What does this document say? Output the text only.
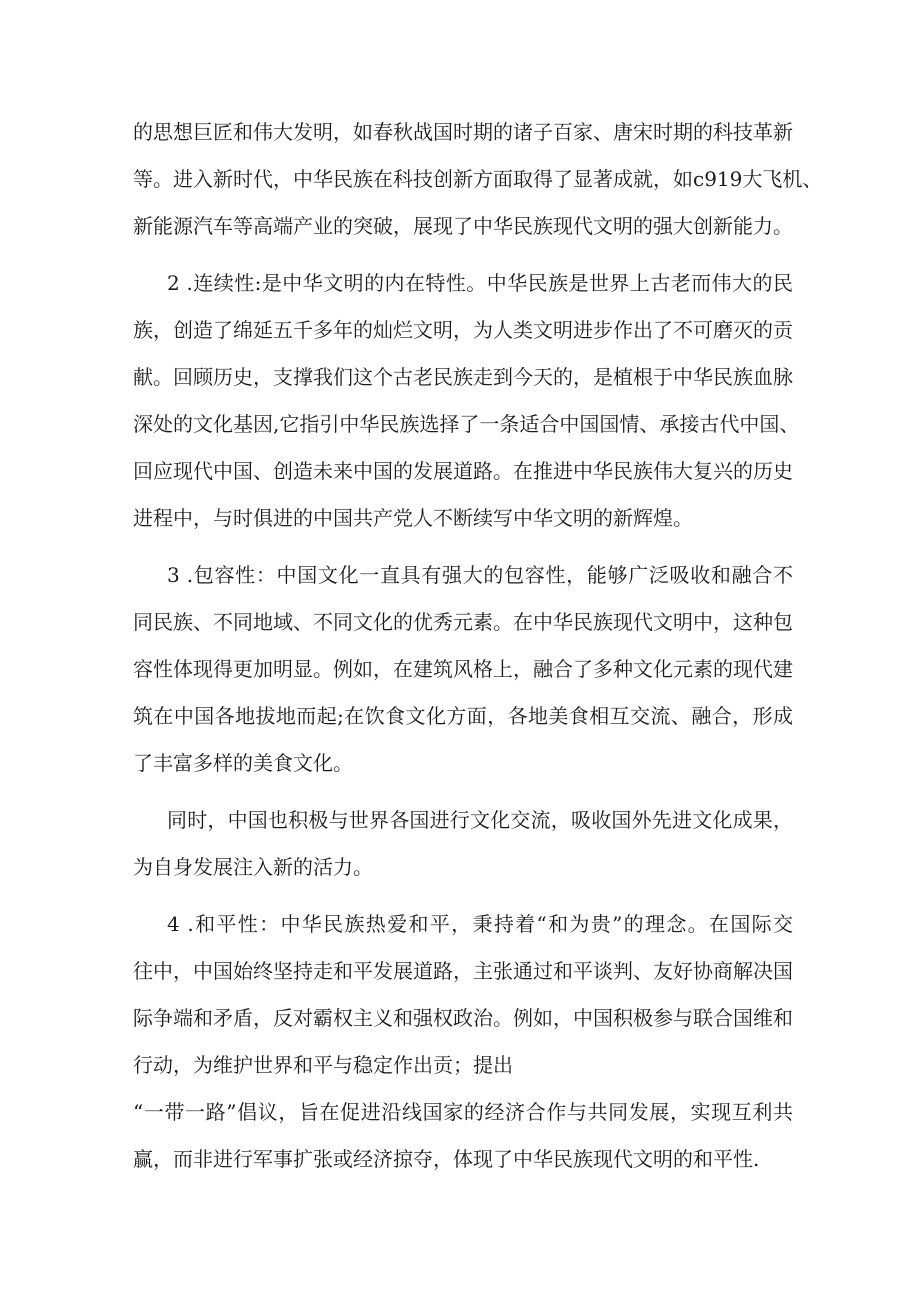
的思想巨匠和伟大发明，如春秋战国时期的诸子百家、唐宋时期的科技革新
等。进入新时代，中华民族在科技创新方面取得了显著成就，如c919大飞机、
新能源汽车等高端产业的突破，展现了中华民族现代文明的强大创新能力。
2 .连续性:是中华文明的内在特性。中华民族是世界上古老而伟大的民
族，创造了绵延五千多年的灿烂文明，为人类文明进步作出了不可磨灭的贡
献。回顾历史，支撑我们这个古老民族走到今天的，是植根于中华民族血脉
深处的文化基因,它指引中华民族选择了一条适合中国国情、承接古代中国、
回应现代中国、创造未来中国的发展道路。在推进中华民族伟大复兴的历史
进程中，与时俱进的中国共产党人不断续写中华文明的新辉煌。
3 .包容性：中国文化一直具有强大的包容性，能够广泛吸收和融合不
同民族、不同地域、不同文化的优秀元素。在中华民族现代文明中，这种包
容性体现得更加明显。例如，在建筑风格上，融合了多种文化元素的现代建
筑在中国各地拔地而起;在饮食文化方面，各地美食相互交流、融合，形成
了丰富多样的美食文化。
同时，中国也积极与世界各国进行文化交流，吸收国外先进文化成果，
为自身发展注入新的活力。
4 .和平性：中华民族热爱和平，秉持着“和为贵”的理念。在国际交
往中，中国始终坚持走和平发展道路，主张通过和平谈判、友好协商解决国
际争端和矛盾，反对霸权主义和强权政治。例如，中国积极参与联合国维和
行动，为维护世界和平与稳定作出贡；提出
“一带一路”倡议，旨在促进沿线国家的经济合作与共同发展，实现互利共
赢，而非进行军事扩张或经济掠夺，体现了中华民族现代文明的和平性.
